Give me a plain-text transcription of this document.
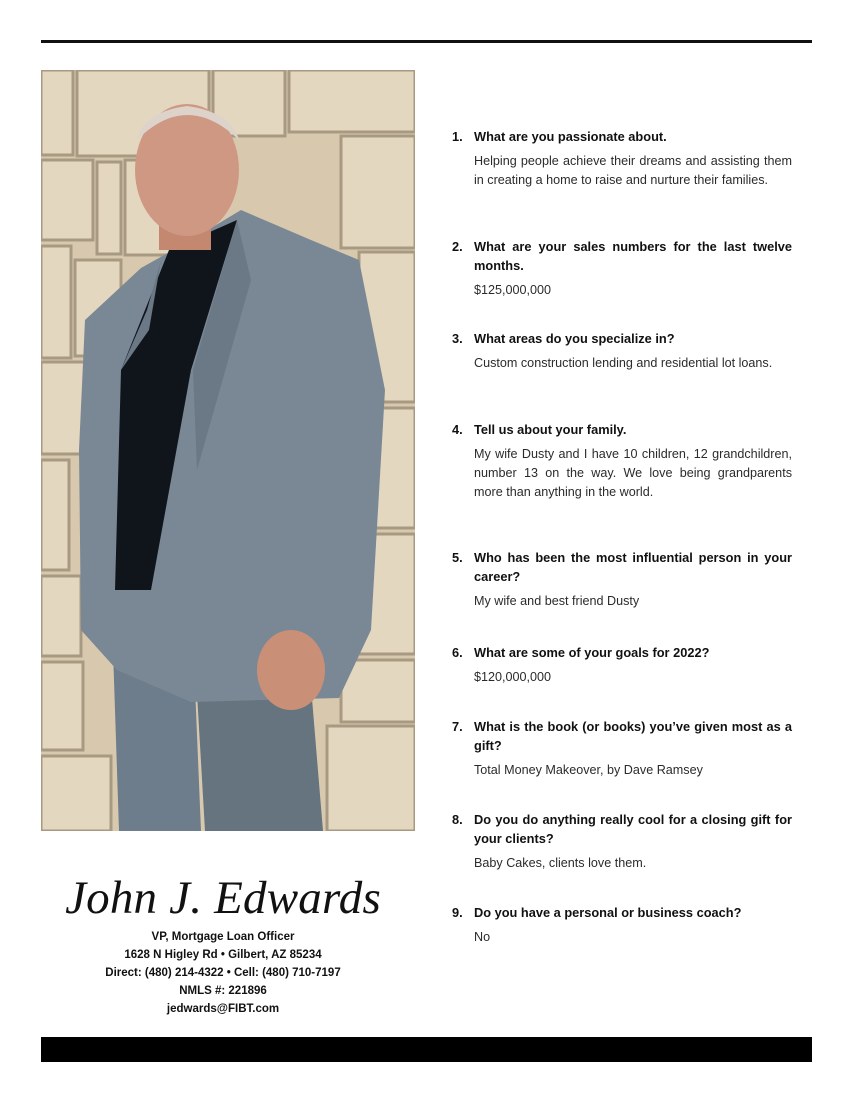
John J. Edwards
VP, Mortgage Loan Officer
1628 N Higley Rd • Gilbert, AZ 85234
Direct: (480) 214-4322 • Cell: (480) 710-7197
NMLS #: 221896
jedwards@FIBT.com
1. What are you passionate about.
Helping people achieve their dreams and assisting them in creating a home to raise and nurture their families.
2. What are your sales numbers for the last twelve months.
$125,000,000
3. What areas do you specialize in?
Custom construction lending and residential lot loans.
4. Tell us about your family.
My wife Dusty and I have 10 children, 12 grandchildren, number 13 on the way. We love being grandparents more than anything in the world.
5. Who has been the most influential person in your career?
My wife and best friend Dusty
6. What are some of your goals for 2022?
$120,000,000
7. What is the book (or books) you’ve given most as a gift?
Total Money Makeover, by Dave Ramsey
8. Do you do anything really cool for a closing gift for your clients?
Baby Cakes, clients love them.
9. Do you have a personal or business coach?
No
